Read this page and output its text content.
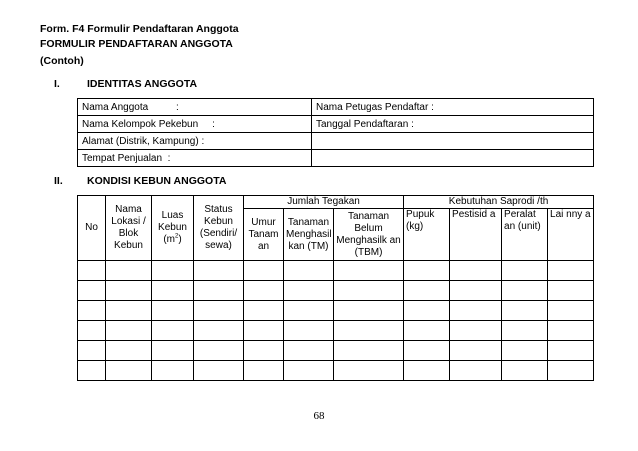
Form. F4 Formulir Pendaftaran Anggota
FORMULIR PENDAFTARAN ANGGOTA
(Contoh)
I.	IDENTITAS ANGGOTA
Nama Anggota          :	Nama Petugas Pendaftar :
Nama Kelompok Pekebun     :	Tanggal Pendaftaran :
Alamat (Distrik, Kampung) :	
Tempat Penjualan  :	
II. KONDISI KEBUN ANGGOTA
No	Nama Lokasi / Blok Kebun	Luas Kebun $(m^2)$	Status Kebun (Sendiri/ sewa)	Jumlah Tegakan			Kebutuhan Saprodi /th			
				Umur Tanam an	Tanaman Menghasil kan (TM)	Tanaman Belum Menghasilk an (TBM)	Pupuk (kg)	Pestisid a	Peralat an (unit)	Lai nny a

68
